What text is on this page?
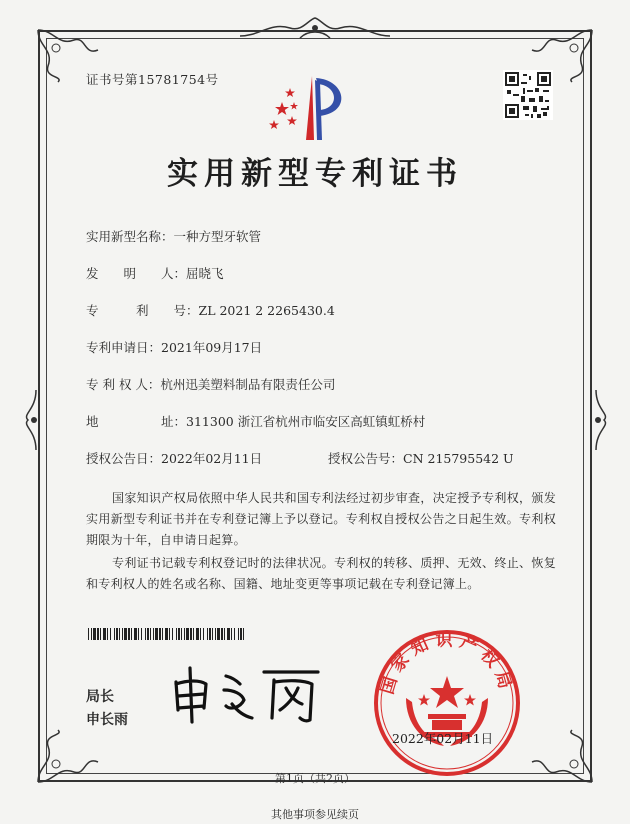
证书号第15781754号
实用新型专利证书
实用新型名称：一种方型牙软管
发　　明　　人：屈晓飞
专　　　利　　号：ZL 2021 2 2265430.4
专利申请日：2021年09月17日
专 利 权 人：杭州迅美塑料制品有限责任公司
地　　　　　址：311300 浙江省杭州市临安区高虹镇虹桥村
授权公告日：2022年02月11日	授权公告号：CN 215795542 U
国家知识产权局依照中华人民共和国专利法经过初步审查，决定授予专利权，颁发实用新型专利证书并在专利登记簿上予以登记。专利权自授权公告之日起生效。专利权期限为十年，自申请日起算。
专利证书记载专利权登记时的法律状况。专利权的转移、质押、无效、终止、恢复和专利权人的姓名或名称、国籍、地址变更等事项记载在专利登记簿上。
局长
申长雨
国家知识产权局
2022年02月11日
第1页（共2页）
其他事项参见续页
